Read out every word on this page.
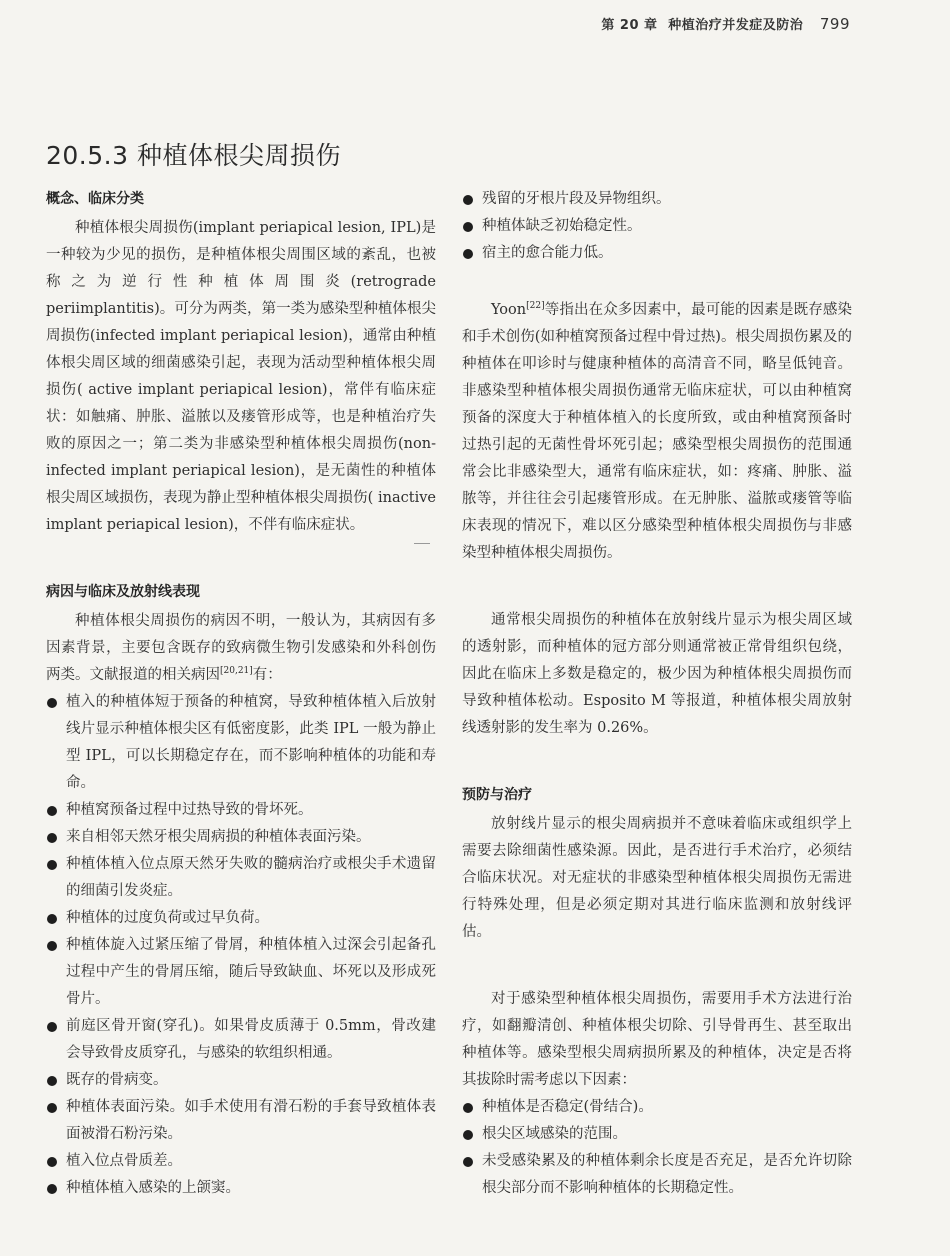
第 20 章 种植治疗并发症及防治 799
20.5.3 种植体根尖周损伤
概念、临床分类

种植体根尖周损伤(implant periapical lesion, IPL)是一种较为少见的损伤，是种植体根尖周围区域的紊乱，也被称之为逆行性种植体周围炎(retrograde periimplantitis)。可分为两类，第一类为感染型种植体根尖周损伤(infected implant periapical lesion)，通常由种植体根尖周区域的细菌感染引起，表现为活动型种植体根尖周损伤( active implant periapical lesion)，常伴有临床症状：如触痛、肿胀、溢脓以及瘘管形成等，也是种植治疗失败的原因之一；第二类为非感染型种植体根尖周损伤(non-infected implant periapical lesion)，是无菌性的种植体根尖周区域损伤，表现为静止型种植体根尖周损伤( inactive implant periapical lesion)，不伴有临床症状。

病因与临床及放射线表现

种植体根尖周损伤的病因不明，一般认为，其病因有多因素背景，主要包含既存的致病微生物引发感染和外科创伤两类。文献报道的相关病因[20,21]有：

植入的种植体短于预备的种植窝，导致种植体植入后放射线片显示种植体根尖区有低密度影，此类 IPL 一般为静止型 IPL，可以长期稳定存在，而不影响种植体的功能和寿命。
种植窝预备过程中过热导致的骨坏死。
来自相邻天然牙根尖周病损的种植体表面污染。
种植体植入位点原天然牙失败的髓病治疗或根尖手术遗留的细菌引发炎症。
种植体的过度负荷或过早负荷。
种植体旋入过紧压缩了骨屑，种植体植入过深会引起备孔过程中产生的骨屑压缩，随后导致缺血、坏死以及形成死骨片。
前庭区骨开窗(穿孔)。如果骨皮质薄于 0.5mm，骨改建会导致骨皮质穿孔，与感染的软组织相通。
既存的骨病变。
种植体表面污染。如手术使用有滑石粉的手套导致植体表面被滑石粉污染。
植入位点骨质差。
种植体植入感染的上颌窦。
残留的牙根片段及异物组织。
种植体缺乏初始稳定性。
宿主的愈合能力低。

Yoon[22]等指出在众多因素中，最可能的因素是既存感染和手术创伤(如种植窝预备过程中骨过热)。根尖周损伤累及的种植体在叩诊时与健康种植体的高清音不同，略呈低钝音。非感染型种植体根尖周损伤通常无临床症状，可以由种植窝预备的深度大于种植体植入的长度所致，或由种植窝预备时过热引起的无菌性骨坏死引起；感染型根尖周损伤的范围通常会比非感染型大，通常有临床症状，如：疼痛、肿胀、溢脓等，并往往会引起瘘管形成。在无肿胀、溢脓或瘘管等临床表现的情况下，难以区分感染型种植体根尖周损伤与非感染型种植体根尖周损伤。

通常根尖周损伤的种植体在放射线片显示为根尖周区域的透射影，而种植体的冠方部分则通常被正常骨组织包绕，因此在临床上多数是稳定的，极少因为种植体根尖周损伤而导致种植体松动。Esposito M 等报道，种植体根尖周放射线透射影的发生率为 0.26%。

预防与治疗

放射线片显示的根尖周病损并不意味着临床或组织学上需要去除细菌性感染源。因此，是否进行手术治疗，必须结合临床状况。对无症状的非感染型种植体根尖周损伤无需进行特殊处理，但是必须定期对其进行临床监测和放射线评估。

对于感染型种植体根尖周损伤，需要用手术方法进行治疗，如翻瓣清创、种植体根尖切除、引导骨再生、甚至取出种植体等。感染型根尖周病损所累及的种植体，决定是否将其拔除时需考虑以下因素：

种植体是否稳定(骨结合)。
根尖区域感染的范围。
未受感染累及的种植体剩余长度是否充足，是否允许切除根尖部分而不影响种植体的长期稳定性。
